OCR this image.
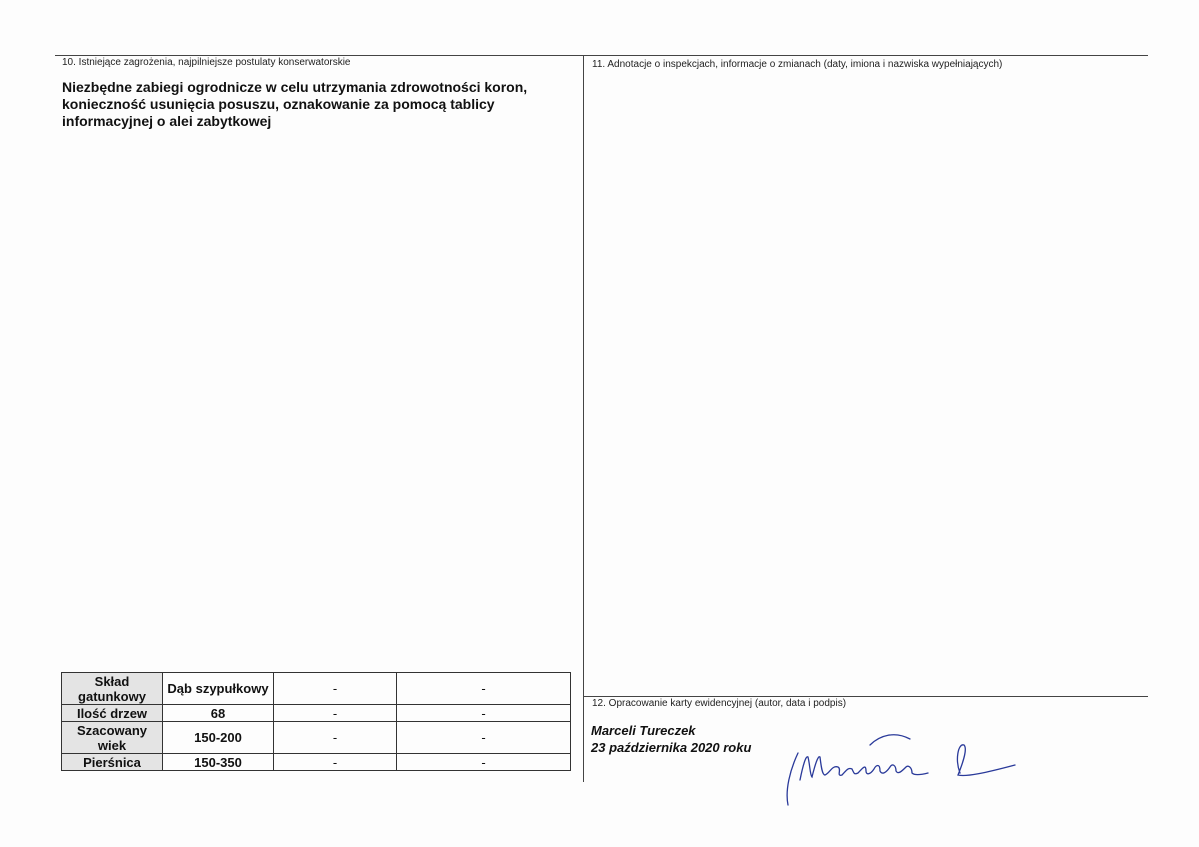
10. Istniejące zagrożenia, najpilniejsze postulaty konserwatorskie
Niezbędne zabiegi ogrodnicze w celu utrzymania zdrowotności koron, konieczność usunięcia posuszu, oznakowanie za pomocą tablicy informacyjnej o alei zabytkowej
11. Adnotacje o inspekcjach, informacje o zmianach (daty, imiona i nazwiska wypełniających)
Skład gatunkowy	Dąb szypułkowy	-	-
Ilość drzew	68	-	-
Szacowany wiek	150-200	-	-
Pierśnica	150-350	-	-
12. Opracowanie karty ewidencyjnej (autor, data i podpis)
Marceli Tureczek
23 października 2020 roku
